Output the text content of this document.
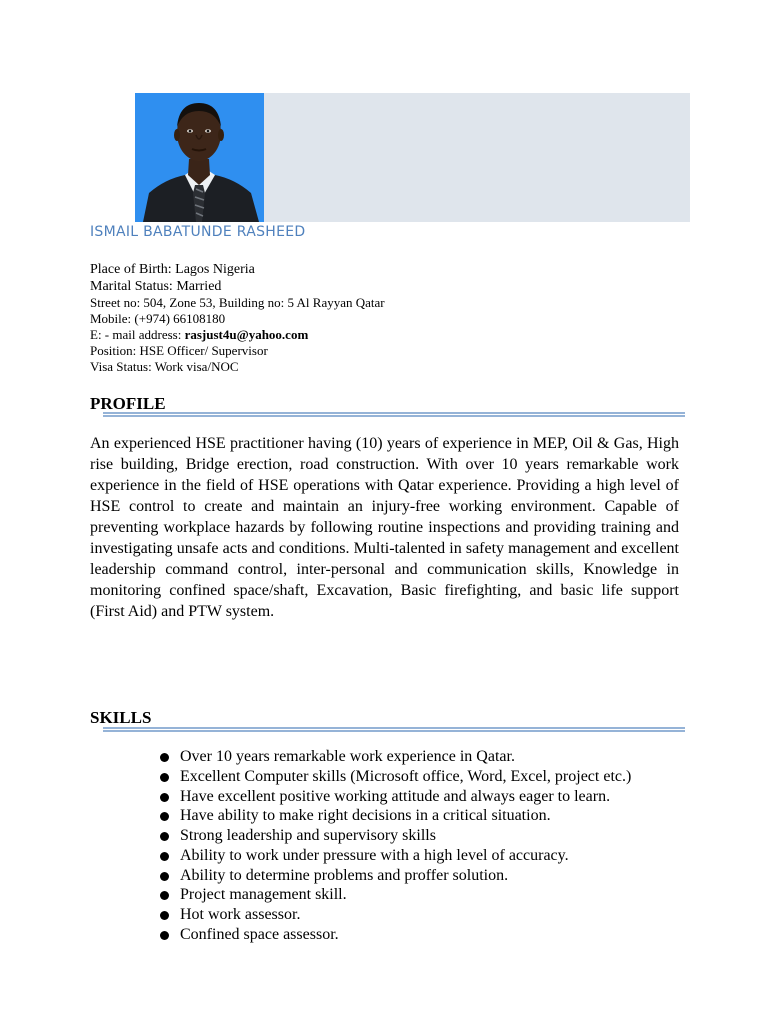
ISMAIL BABATUNDE RASHEED
Place of Birth: Lagos Nigeria
Marital Status: Married
Street no: 504, Zone 53, Building no: 5 Al Rayyan Qatar
Mobile: (+974) 66108180
E: - mail address: rasjust4u@yahoo.com
Position: HSE Officer/ Supervisor
Visa Status: Work visa/NOC
PROFILE
An experienced HSE practitioner having (10) years of experience in MEP, Oil & Gas, High rise building, Bridge erection, road construction. With over 10 years remarkable work experience in the field of HSE operations with Qatar experience. Providing a high level of HSE control to create and maintain an injury-free working environment. Capable of preventing workplace hazards by following routine inspections and providing training and investigating unsafe acts and conditions. Multi-talented in safety management and excellent leadership command control, inter-personal and communication skills, Knowledge in monitoring confined space/shaft, Excavation, Basic firefighting, and basic life support (First Aid) and PTW system.
SKILLS
Over 10 years remarkable work experience in Qatar.
Excellent Computer skills (Microsoft office, Word, Excel, project etc.)
Have excellent positive working attitude and always eager to learn.
Have ability to make right decisions in a critical situation.
Strong leadership and supervisory skills
Ability to work under pressure with a high level of accuracy.
Ability to determine problems and proffer solution.
Project management skill.
Hot work assessor.
Confined space assessor.
